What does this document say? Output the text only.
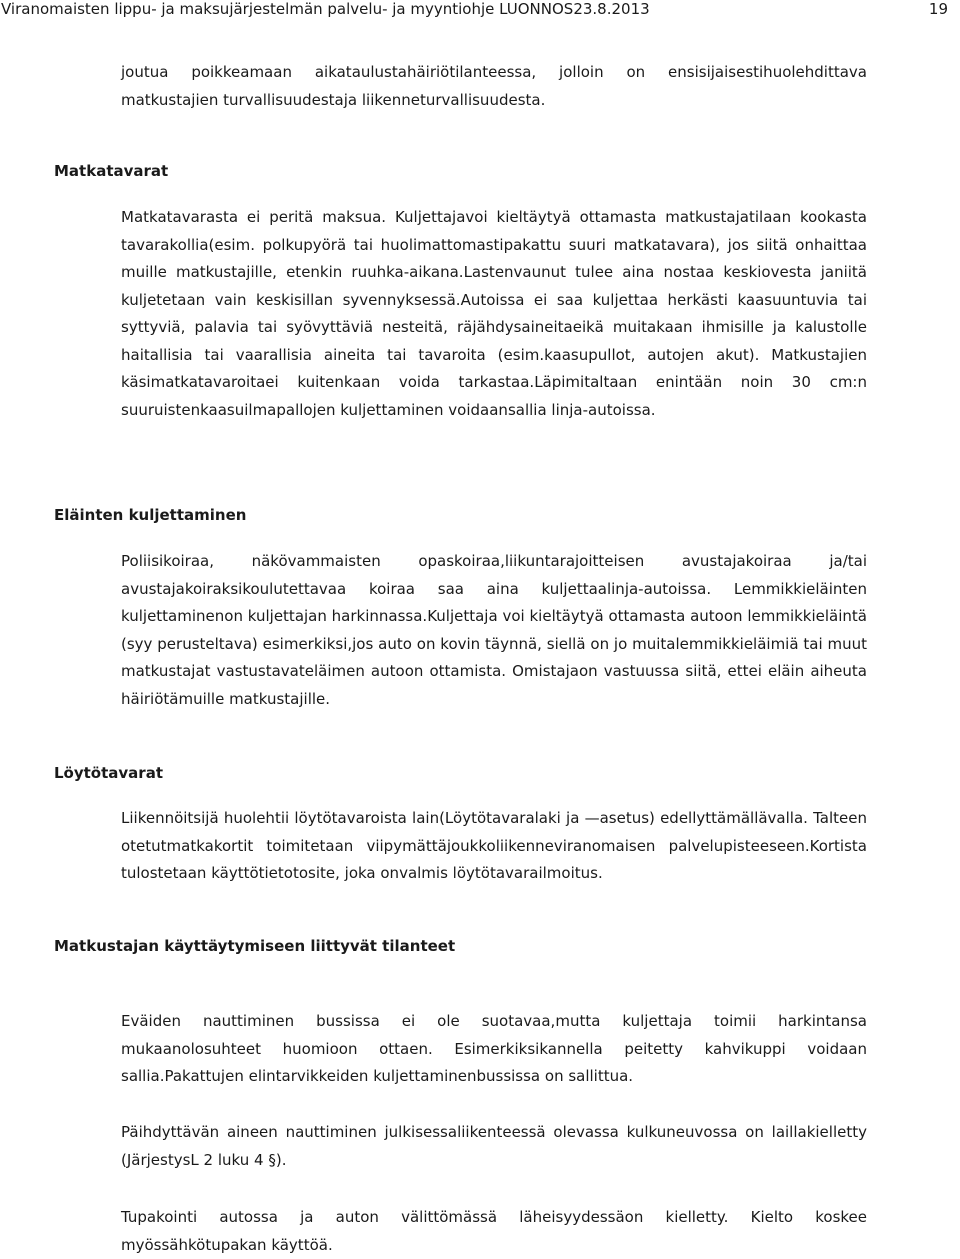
Viranomaisten lippu- ja maksujärjestelmän palvelu- ja myyntiohje LUONNOS23.8.2013	19

joutua poikkeamaan aikataulustahäiriötilanteessa, jolloin on ensisijaisestihuolehdittava matkustajien turvallisuudestaja liikenneturvallisuudesta.

Matkatavarat

Matkatavarasta ei peritä maksua. Kuljettajavoi kieltäytyä ottamasta matkustajatilaan kookasta tavarakollia(esim. polkupyörä tai huolimattomastipakattu suuri matkatavara), jos siitä onhaittaa muille matkustajille, etenkin ruuhka-aikana.Lastenvaunut tulee aina nostaa keskiovesta janiitä kuljetetaan vain keskisillan syvennyksessä.Autoissa ei saa kuljettaa herkästi kaasuuntuvia tai syttyviä, palavia tai syövyttäviä nesteitä, räjähdysaineitaeikä muitakaan ihmisille ja kalustolle haitallisia tai vaarallisia aineita tai tavaroita (esim.kaasupullot, autojen akut). Matkustajien käsimatkatavaroitaei kuitenkaan voida tarkastaa.Läpimitaltaan enintään noin 30 cm:n suuruistenkaasuilmapallojen kuljettaminen voidaansallia linja-autoissa.

Eläinten kuljettaminen

Poliisikoiraa, näkövammaisten opaskoiraa,liikuntarajoitteisen avustajakoiraa ja/tai avustajakoiraksikoulutettavaa koiraa saa aina kuljettaalinja-autoissa. Lemmikkieläinten kuljettaminenon kuljettajan harkinnassa.Kuljettaja voi kieltäytyä ottamasta autoon lemmikkieläintä (syy perusteltava) esimerkiksi,jos auto on kovin täynnä, siellä on jo muitalemmikkieläimiä tai muut matkustajat vastustavateläimen autoon ottamista. Omistajaon vastuussa siitä, ettei eläin aiheuta häiriötämuille matkustajille.

Löytötavarat

Liikennöitsijä huolehtii löytötavaroista lain(Löytötavaralaki ja —asetus) edellyttämällävalla. Talteen otetutmatkakortit toimitetaan viipymättäjoukkoliikenneviranomaisen palvelupisteeseen.Kortista tulostetaan käyttötietotosite, joka onvalmis löytötavarailmoitus.

Matkustajan käyttäytymiseen liittyvät tilanteet

Eväiden nauttiminen bussissa ei ole suotavaa,mutta kuljettaja toimii harkintansa mukaanolosuhteet huomioon ottaen. Esimerkiksikannella peitetty kahvikuppi voidaan sallia.Pakattujen elintarvikkeiden kuljettaminenbussissa on sallittua.

Päihdyttävän aineen nauttiminen julkisessaliikenteessä olevassa kulkuneuvossa on laillakielletty (JärjestysL 2 luku 4 §).

Tupakointi autossa ja auton välittömässä läheisyydessäon kielletty. Kielto koskee myössähkötupakan käyttöä.
